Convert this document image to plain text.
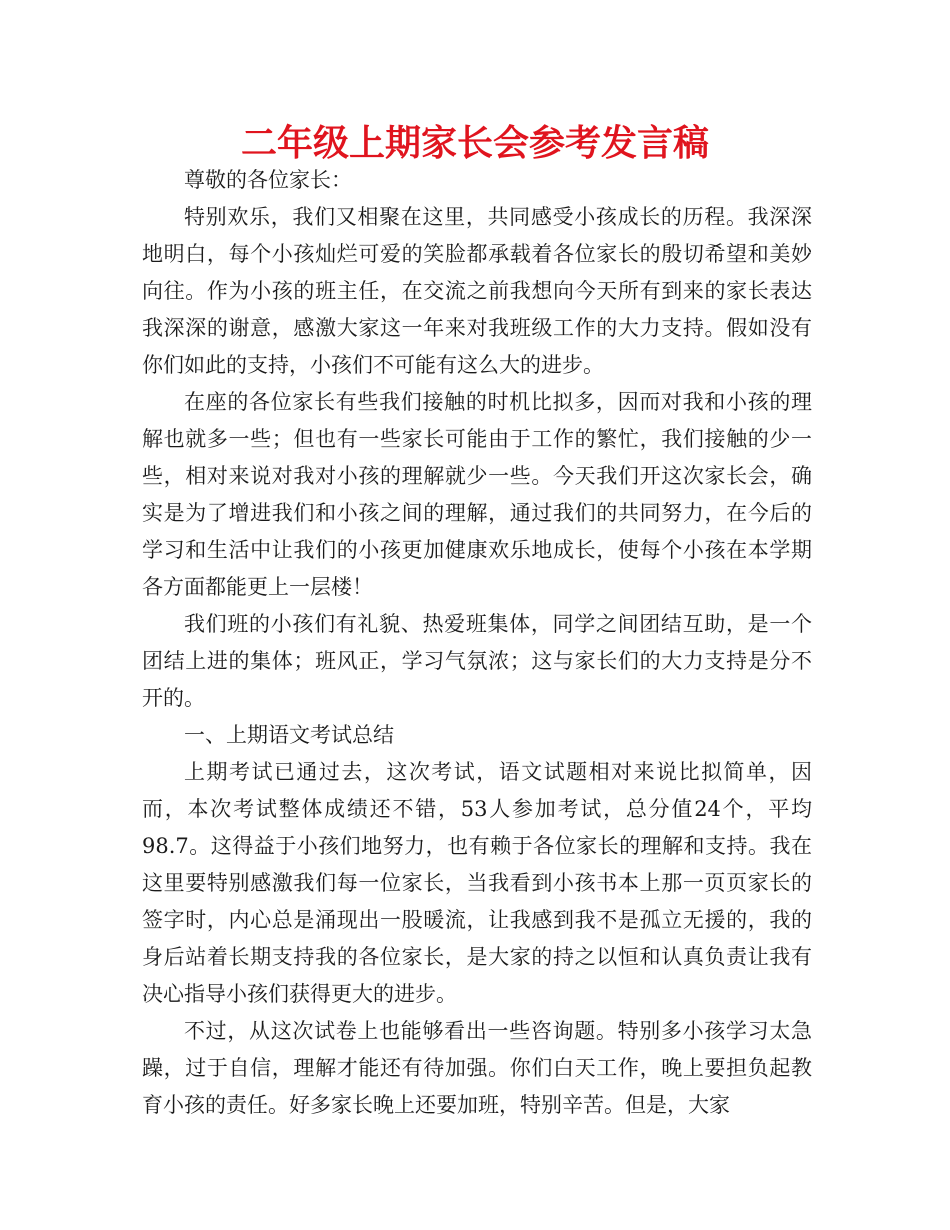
二年级上期家长会参考发言稿

尊敬的各位家长：

特别欢乐，我们又相聚在这里，共同感受小孩成长的历程。我深深地明白，每个小孩灿烂可爱的笑脸都承载着各位家长的殷切希望和美妙向往。作为小孩的班主任，在交流之前我想向今天所有到来的家长表达我深深的谢意，感激大家这一年来对我班级工作的大力支持。假如没有你们如此的支持，小孩们不可能有这么大的进步。

在座的各位家长有些我们接触的时机比拟多，因而对我和小孩的理解也就多一些；但也有一些家长可能由于工作的繁忙，我们接触的少一些，相对来说对我对小孩的理解就少一些。今天我们开这次家长会，确实是为了增进我们和小孩之间的理解，通过我们的共同努力，在今后的学习和生活中让我们的小孩更加健康欢乐地成长，使每个小孩在本学期各方面都能更上一层楼！

我们班的小孩们有礼貌、热爱班集体，同学之间团结互助，是一个团结上进的集体；班风正，学习气氛浓；这与家长们的大力支持是分不开的。

一、上期语文考试总结

上期考试已通过去，这次考试，语文试题相对来说比拟简单，因而，本次考试整体成绩还不错，53人参加考试，总分值24个，平均98.7。这得益于小孩们地努力，也有赖于各位家长的理解和支持。我在这里要特别感激我们每一位家长，当我看到小孩书本上那一页页家长的签字时，内心总是涌现出一股暖流，让我感到我不是孤立无援的，我的身后站着长期支持我的各位家长，是大家的持之以恒和认真负责让我有决心指导小孩们获得更大的进步。

不过，从这次试卷上也能够看出一些咨询题。特别多小孩学习太急躁，过于自信，理解才能还有待加强。你们白天工作，晚上要担负起教育小孩的责任。好多家长晚上还要加班，特别辛苦。但是，大家
